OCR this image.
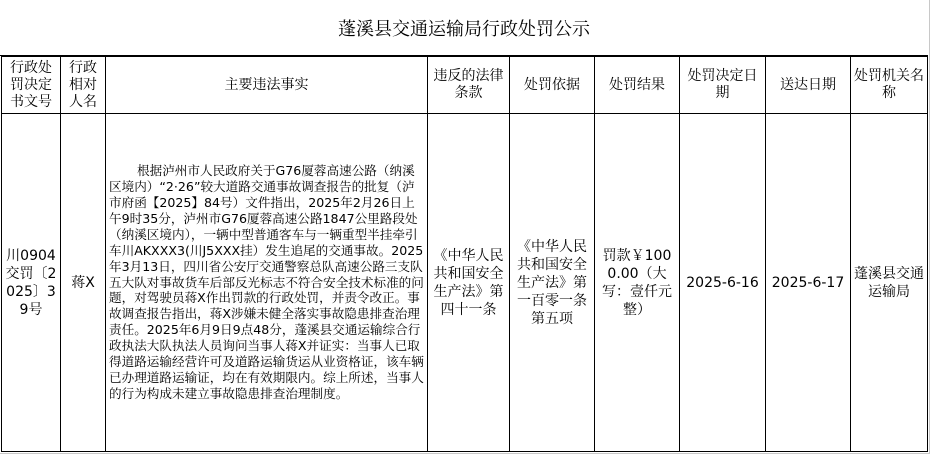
蓬溪县交通运输局行政处罚公示
行政处罚决定书文号	行政相对人名	主要违法事实	违反的法律条款	处罚依据	处罚结果	处罚决定日期	送达日期	处罚机关名称
川0904交罚〔2025〕39号	蒋X	根据泸州市人民政府关于G76厦蓉高速公路（纳溪区境内）“2·26”较大道路交通事故调查报告的批复（泸市府函【2025】84号）文件指出，2025年2月26日上午9时35分，泸州市G76厦蓉高速公路1847公里路段处（纳溪区境内），一辆中型普通客车与一辆重型半挂牵引车川AKXXX3(川J5XXX挂）发生追尾的交通事故。2025年3月13日，四川省公安厅交通警察总队高速公路三支队五大队对事故货车后部反光标志不符合安全技术标准的问题，对驾驶员蒋X作出罚款的行政处罚，并责令改正。事故调查报告指出，蒋X涉嫌未健全落实事故隐患排查治理责任。2025年6月9日9点48分，蓬溪县交通运输综合行政执法大队执法人员询问当事人蒋X并证实：当事人已取得道路运输经营许可及道路运输货运从业资格证，该车辆已办理道路运输证，均在有效期限内。综上所述，当事人的行为构成未建立事故隐患排查治理制度。	《中华人民共和国安全生产法》第四十一条	《中华人民共和国安全生产法》第一百零一条第五项	罚款￥1000.00（大写：壹仟元整）	2025-6-16	2025-6-17	蓬溪县交通运输局
